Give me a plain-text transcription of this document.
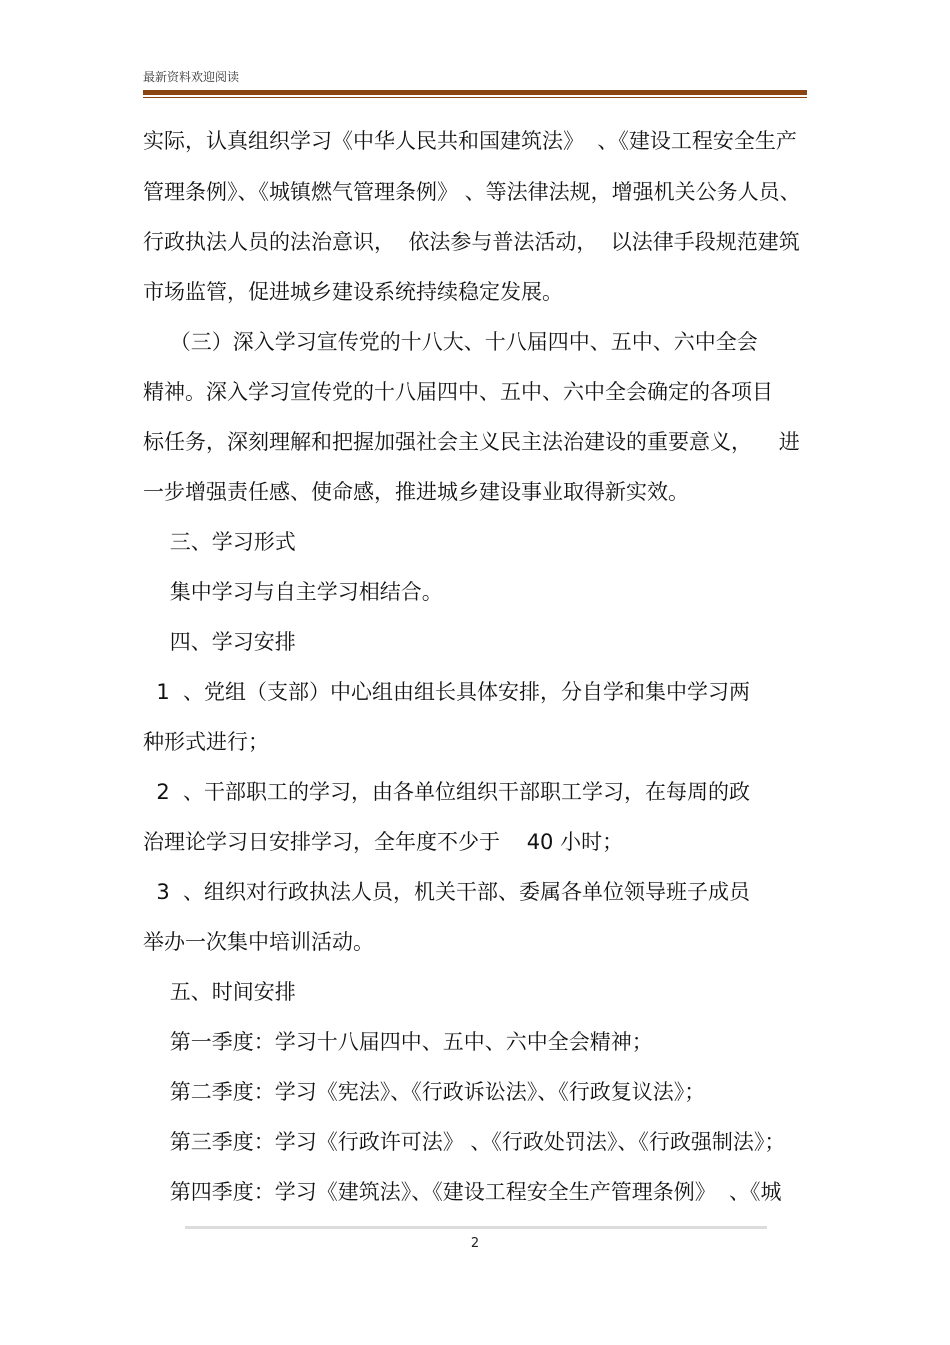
最新资料欢迎阅读
实际，认真组织学习《中华人民共和国建筑法》  、《建设工程安全生产
管理条例》、《城镇燃气管理条例》 、等法律法规，增强机关公务人员、
行政执法人员的法治意识，  依法参与普法活动，  以法律手段规范建筑
市场监管，促进城乡建设系统持续稳定发展。
（三）深入学习宣传党的十八大、十八届四中、五中、六中全会
精神。深入学习宣传党的十八届四中、五中、六中全会确定的各项目
标任务，深刻理解和把握加强社会主义民主法治建设的重要意义，    进
一步增强责任感、使命感，推进城乡建设事业取得新实效。
三、学习形式
集中学习与自主学习相结合。
四、学习安排
1  、党组（支部）中心组由组长具体安排，分自学和集中学习两
种形式进行；
2  、干部职工的学习，由各单位组织干部职工学习，在每周的政
治理论学习日安排学习，全年度不少于    40 小时；
3  、组织对行政执法人员，机关干部、委属各单位领导班子成员
举办一次集中培训活动。
五、时间安排
第一季度：学习十八届四中、五中、六中全会精神；
第二季度：学习《宪法》、《行政诉讼法》、《行政复议法》；
第三季度：学习《行政许可法》 、《行政处罚法》、《行政强制法》；
第四季度：学习《建筑法》、《建设工程安全生产管理条例》  、《城
2
